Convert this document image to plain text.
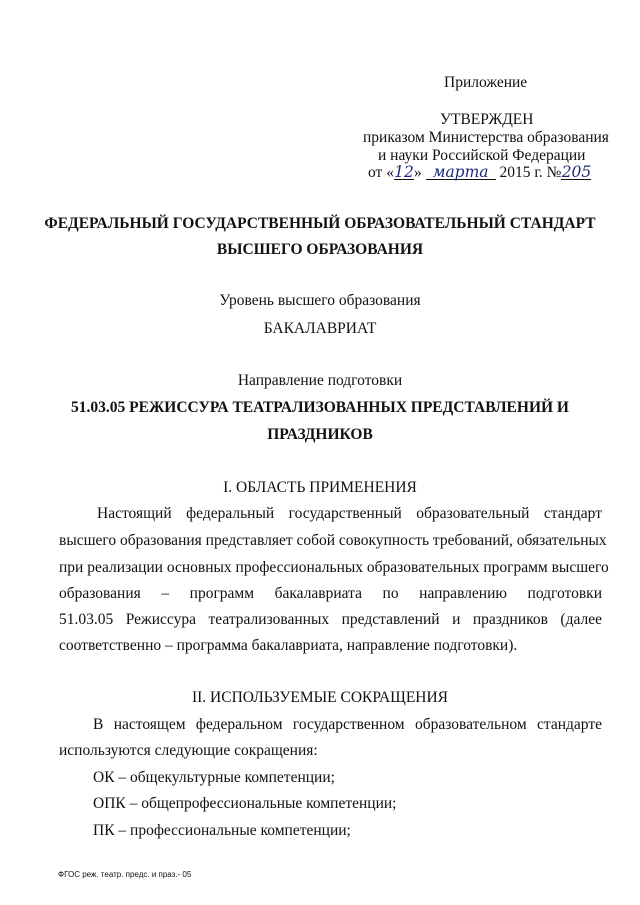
Приложение
УТВЕРЖДЕН
приказом Министерства образования
и науки Российской Федерации
от «12» марта 2015 г. №205
ФЕДЕРАЛЬНЫЙ ГОСУДАРСТВЕННЫЙ ОБРАЗОВАТЕЛЬНЫЙ СТАНДАРТ
ВЫСШЕГО ОБРАЗОВАНИЯ
Уровень высшего образования
БАКАЛАВРИАТ
Направление подготовки
51.03.05 РЕЖИССУРА ТЕАТРАЛИЗОВАННЫХ ПРЕДСТАВЛЕНИЙ И
ПРАЗДНИКОВ
I. ОБЛАСТЬ ПРИМЕНЕНИЯ
Настоящий федеральный государственный образовательный стандарт
высшего образования представляет собой совокупность требований, обязательных
при реализации основных профессиональных образовательных программ высшего
образования – программ бакалавриата по направлению подготовки
51.03.05 Режиссура театрализованных представлений и праздников (далее
соответственно – программа бакалавриата, направление подготовки).
II. ИСПОЛЬЗУЕМЫЕ СОКРАЩЕНИЯ
В настоящем федеральном государственном образовательном стандарте
используются следующие сокращения:
ОК – общекультурные компетенции;
ОПК – общепрофессиональные компетенции;
ПК – профессиональные компетенции;
ФГОС реж. театр. предс. и праз.- 05
